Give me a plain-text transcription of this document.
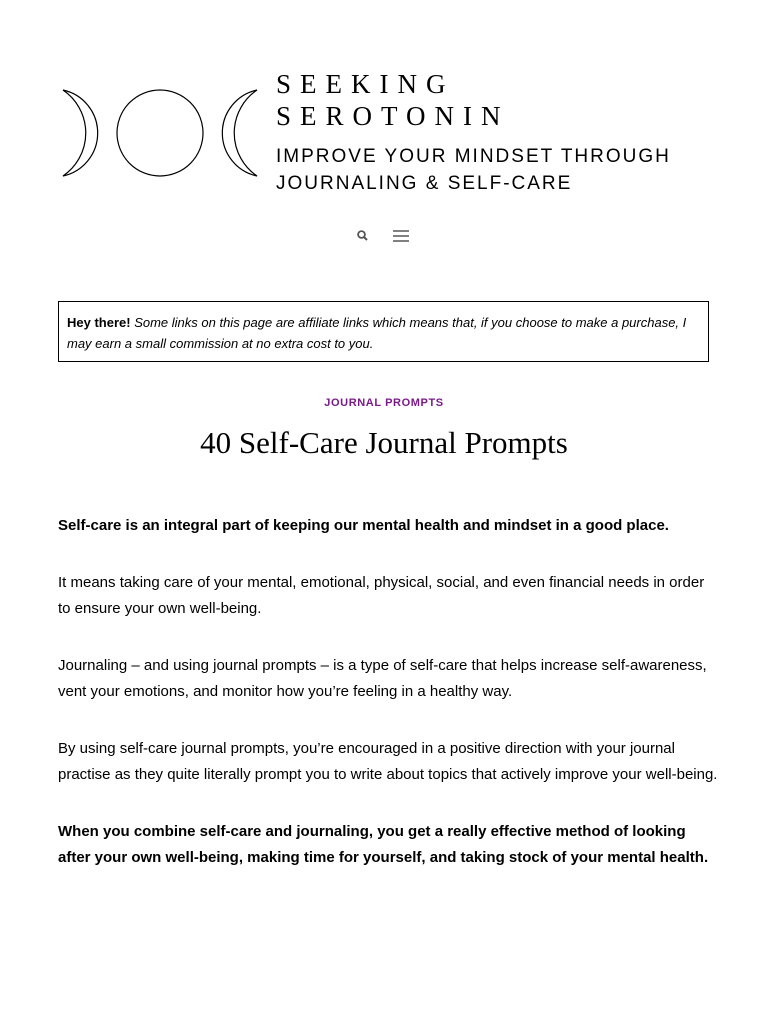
SEEKING
SEROTONIN

IMPROVE YOUR MINDSET THROUGH
JOURNALING & SELF-CARE

Hey there! Some links on this page are affiliate links which means that, if you choose to make a purchase, I may earn a small commission at no extra cost to you.
JOURNAL PROMPTS
40 Self-Care Journal Prompts

Self-care is an integral part of keeping our mental health and mindset in a good place.

It means taking care of your mental, emotional, physical, social, and even financial needs in order to ensure your own well-being.

Journaling – and using journal prompts – is a type of self-care that helps increase self-awareness, vent your emotions, and monitor how you’re feeling in a healthy way.

By using self-care journal prompts, you’re encouraged in a positive direction with your journal practise as they quite literally prompt you to write about topics that actively improve your well-being.

When you combine self-care and journaling, you get a really effective method of looking after your own well-being, making time for yourself, and taking stock of your mental health.
